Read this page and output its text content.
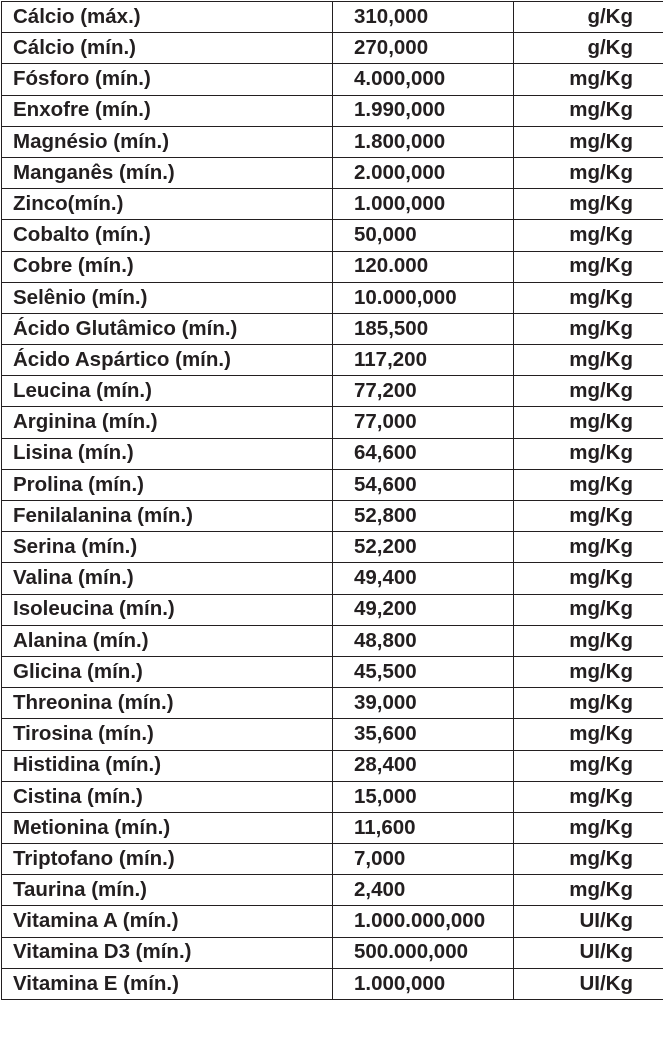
Cálcio (máx.)	310,000	g/Kg
Cálcio (mín.)	270,000	g/Kg
Fósforo (mín.)	4.000,000	mg/Kg
Enxofre (mín.)	1.990,000	mg/Kg
Magnésio (mín.)	1.800,000	mg/Kg
Manganês (mín.)	2.000,000	mg/Kg
Zinco(mín.)	1.000,000	mg/Kg
Cobalto (mín.)	50,000	mg/Kg
Cobre (mín.)	120.000	mg/Kg
Selênio (mín.)	10.000,000	mg/Kg
Ácido Glutâmico (mín.)	185,500	mg/Kg
Ácido Aspártico (mín.)	117,200	mg/Kg
Leucina (mín.)	77,200	mg/Kg
Arginina (mín.)	77,000	mg/Kg
Lisina (mín.)	64,600	mg/Kg
Prolina (mín.)	54,600	mg/Kg
Fenilalanina (mín.)	52,800	mg/Kg
Serina (mín.)	52,200	mg/Kg
Valina (mín.)	49,400	mg/Kg
Isoleucina (mín.)	49,200	mg/Kg
Alanina (mín.)	48,800	mg/Kg
Glicina (mín.)	45,500	mg/Kg
Threonina (mín.)	39,000	mg/Kg
Tirosina (mín.)	35,600	mg/Kg
Histidina (mín.)	28,400	mg/Kg
Cistina (mín.)	15,000	mg/Kg
Metionina (mín.)	11,600	mg/Kg
Triptofano (mín.)	7,000	mg/Kg
Taurina (mín.)	2,400	mg/Kg
Vitamina A (mín.)	1.000.000,000	UI/Kg
Vitamina D3 (mín.)	500.000,000	UI/Kg
Vitamina E (mín.)	1.000,000	UI/Kg
